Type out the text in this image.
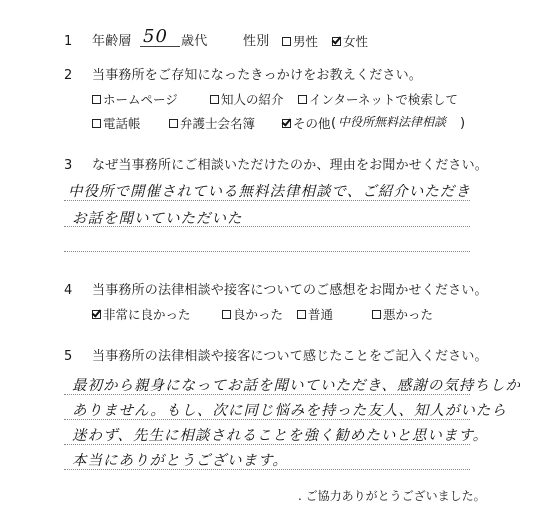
1 年齢層 50 歳代	性別 男性 女性
2 当事務所をご存知になったきっかけをお教えください。
ホームページ	知人の紹介 インターネットで検索して
電話帳	弁護士会名簿	その他 ( 中役所無料法律相談 )
3 なぜ当事務所にご相談いただけたのか、理由をお聞かせください。
中役所で開催されている無料法律相談で、ご紹介いただき
お話を聞いていただいた
4 当事務所の法律相談や接客についてのご感想をお聞かせください。
非常に良かった	良かった 普通	悪かった
5 当事務所の法律相談や接客について感じたことをご記入ください。
最初から親身になってお話を聞いていただき、感謝の気持ちしか
ありません。もし、次に同じ悩みを持った友人、知人がいたら
迷わず、先生に相談されることを強く勧めたいと思います。
本当にありがとうございます。
. ご協力ありがとうございました。
